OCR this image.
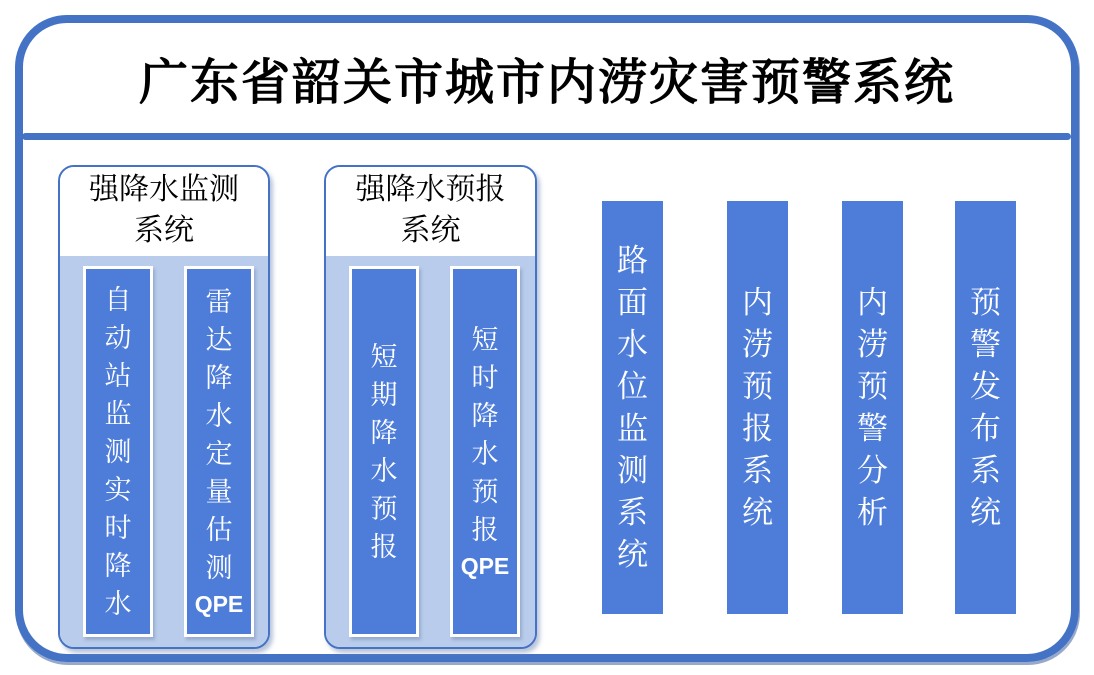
广东省韶关市城市内涝灾害预警系统
强降水监测
系统
自
动
站
监
测
实
时
降
水
雷
达
降
水
定
量
估
测
QPE
强降水预报
系统
短
期
降
水
预
报
短
时
降
水
预
报
QPE
路
面
水
位
监
测
系
统
内
涝
预
报
系
统
内
涝
预
警
分
析
预
警
发
布
系
统
